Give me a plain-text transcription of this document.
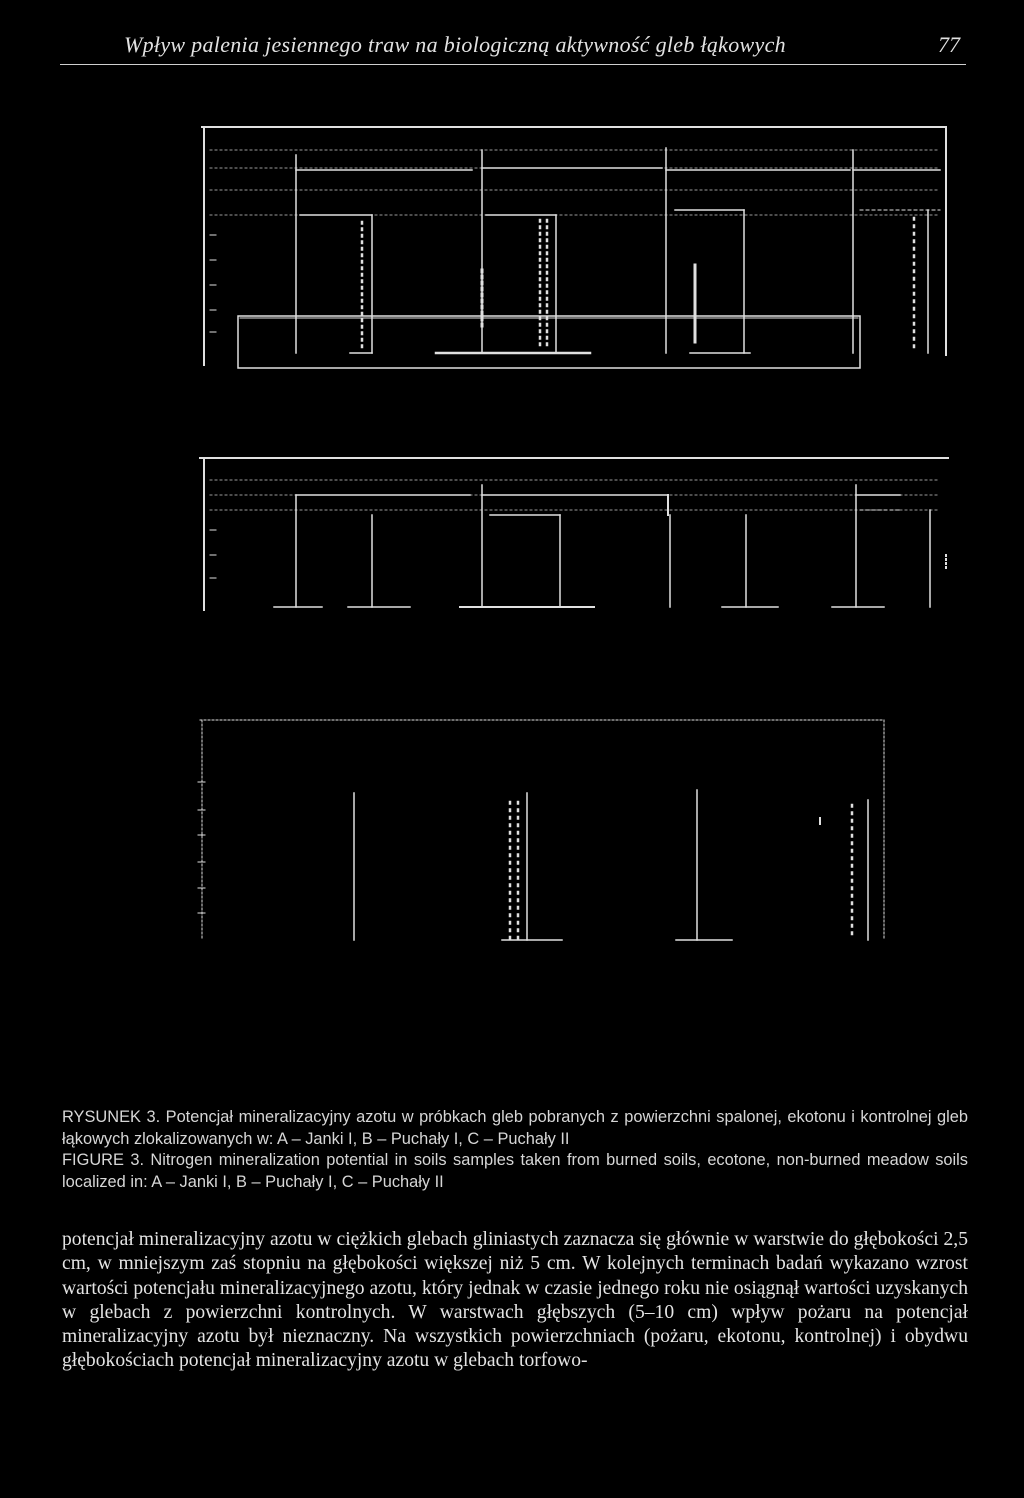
Wpływ palenia jesiennego traw na biologiczną aktywność gleb łąkowych	77

RYSUNEK 3. Potencjał mineralizacyjny azotu w próbkach gleb pobranych z powierzchni spalonej, ekotonu i kontrolnej gleb łąkowych zlokalizowanych w: A – Janki I, B – Puchały I, C – Puchały II

FIGURE 3. Nitrogen mineralization potential in soils samples taken from burned soils, ecotone, non-burned meadow soils localized in: A – Janki I, B – Puchały I, C – Puchały II

potencjał mineralizacyjny azotu w ciężkich glebach gliniastych zaznacza się głównie w warstwie do głębokości 2,5 cm, w mniejszym zaś stopniu na głębokości większej niż 5 cm. W kolejnych terminach badań wykazano wzrost wartości potencjału mineralizacyjnego azotu, który jednak w czasie jednego roku nie osiągnął wartości uzyskanych w glebach z powierzchni kontrolnych. W warstwach głębszych (5–10 cm) wpływ pożaru na potencjał mineralizacyjny azotu był nieznaczny. Na wszystkich powierzchniach (pożaru, ekotonu, kontrolnej) i obydwu głębokościach potencjał mineralizacyjny azotu w glebach torfowo-
